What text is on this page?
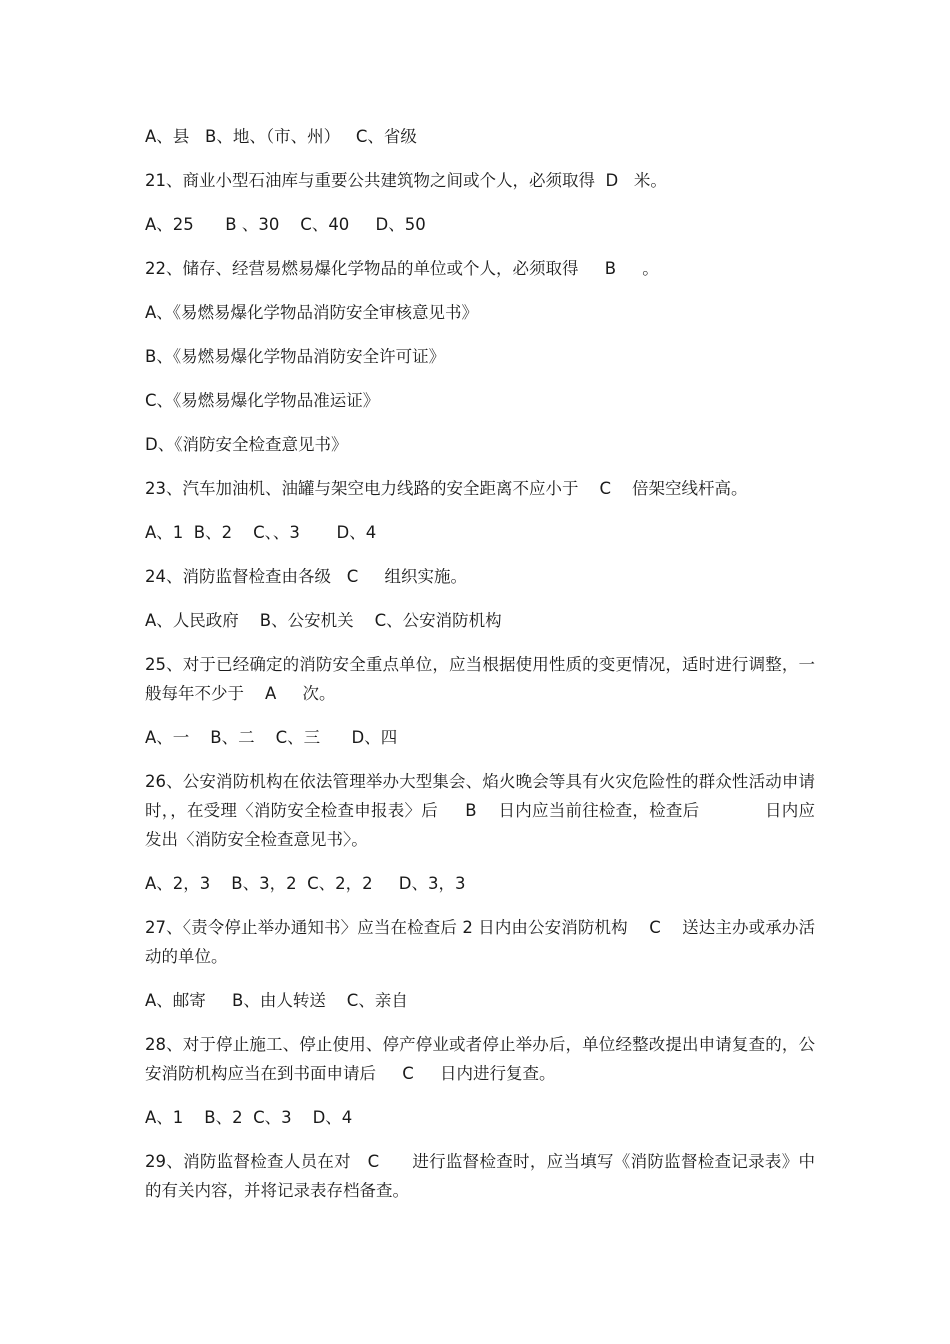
A、县   B、地、（市、州）   C、省级

21、商业小型石油库与重要公共建筑物之间或个人，必须取得  D   米。

A、25      B 、30    C、40     D、50

22、储存、经营易燃易爆化学物品的单位或个人，必须取得     B     。

A、《易燃易爆化学物品消防安全审核意见书》

B、《易燃易爆化学物品消防安全许可证》

C、《易燃易爆化学物品准运证》

D、《消防安全检查意见书》

23、汽车加油机、油罐与架空电力线路的安全距离不应小于    C    倍架空线杆高。

A、1  B、2    C、、3       D、4

24、消防监督检查由各级   C     组织实施。

A、人民政府    B、公安机关    C、公安消防机构

25、对于已经确定的消防安全重点单位，应当根据使用性质的变更情况，适时进行调整，一般每年不少于    A     次。

A、一    B、二    C、三      D、四

26、公安消防机构在依法管理举办大型集会、焰火晚会等具有火灾危险性的群众性活动申请时，，在受理〈消防安全检查申报表〉后     B    日内应当前往检查，检查后            日内应发出〈消防安全检查意见书〉。

A、2，3    B、3，2  C、2，2     D、3，3

27、〈责令停止举办通知书〉应当在检查后 2 日内由公安消防机构    C    送达主办或承办活动的单位。

A、邮寄     B、由人转送    C、亲自

28、对于停止施工、停止使用、停产停业或者停止举办后，单位经整改提出申请复查的，公安消防机构应当在到书面申请后     C     日内进行复查。

A、1    B、2  C、3    D、4

29、消防监督检查人员在对   C      进行监督检查时，应当填写《消防监督检查记录表》中的有关内容，并将记录表存档备查。
